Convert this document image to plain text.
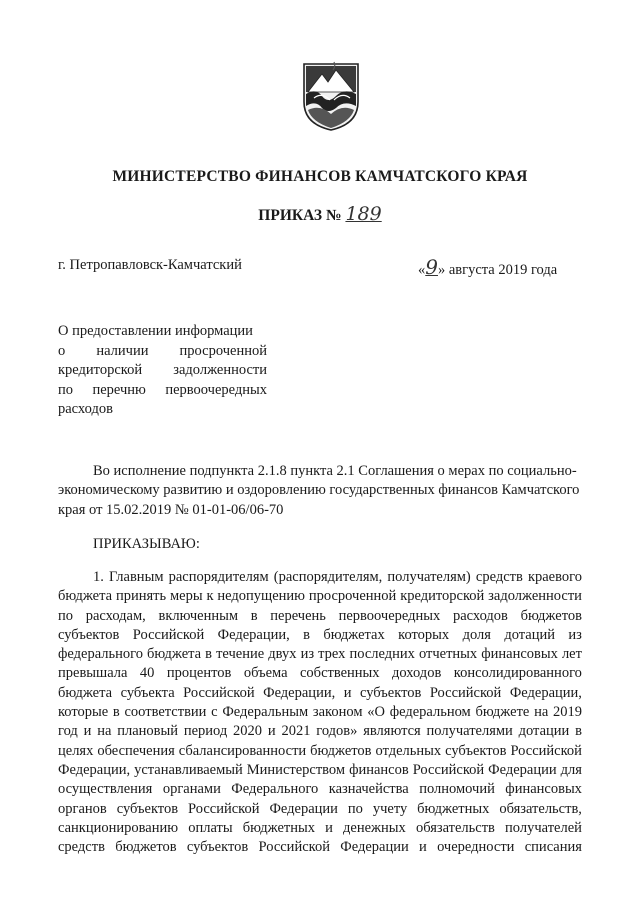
МИНИСТЕРСТВО ФИНАНСОВ КАМЧАТСКОГО КРАЯ
ПРИКАЗ № 189
г. Петропавловск-Камчатский	«9» августа 2019 года
О предоставлении информации
о наличии просроченной
кредиторской задолженности
по перечню первоочередных
расходов
Во исполнение подпункта 2.1.8 пункта 2.1 Соглашения о мерах по социально-
экономическому развитию и оздоровлению государственных финансов Камчатского
края от 15.02.2019 № 01-01-06/06-70
ПРИКАЗЫВАЮ:
1. Главным распорядителям (распорядителям, получателям) средств краевого
бюджета принять меры к недопущению просроченной кредиторской задолженности
по расходам, включенным в перечень первоочередных расходов бюджетов
субъектов Российской Федерации, в бюджетах которых доля дотаций из
федерального бюджета в течение двух из трех последних отчетных финансовых лет
превышала 40 процентов объема собственных доходов консолидированного
бюджета субъекта Российской Федерации, и субъектов Российской Федерации,
которые в соответствии с Федеральным законом «О федеральном бюджете на 2019
год и на плановый период 2020 и 2021 годов» являются получателями дотации в
целях обеспечения сбалансированности бюджетов отдельных субъектов Российской
Федерации, устанавливаемый Министерством финансов Российской Федерации для
осуществления органами Федерального казначейства полномочий финансовых
органов субъектов Российской Федерации по учету бюджетных обязательств,
санкционированию оплаты бюджетных и денежных обязательств получателей
средств бюджетов субъектов Российской Федерации и очередности списания
